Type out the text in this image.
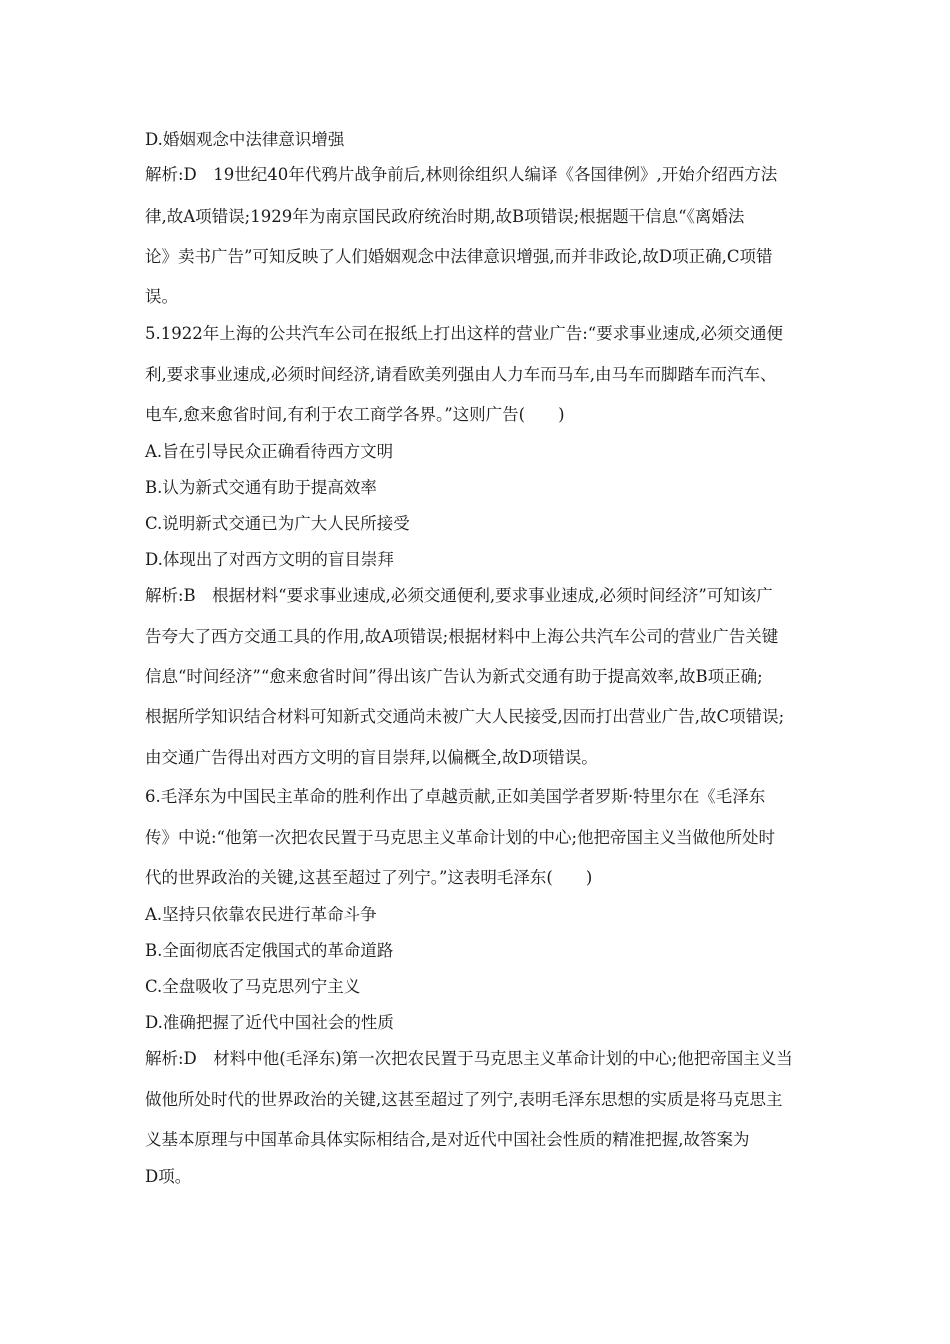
D.婚姻观念中法律意识增强
解析:D　19世纪40年代鸦片战争前后,林则徐组织人编译《各国律例》,开始介绍西方法
律,故A项错误;1929年为南京国民政府统治时期,故B项错误;根据题干信息“《离婚法
论》卖书广告”可知反映了人们婚姻观念中法律意识增强,而并非政论,故D项正确,C项错
误。
5.1922年上海的公共汽车公司在报纸上打出这样的营业广告:“要求事业速成,必须交通便
利,要求事业速成,必须时间经济,请看欧美列强由人力车而马车,由马车而脚踏车而汽车、
电车,愈来愈省时间,有利于农工商学各界。”这则广告(　　)
A.旨在引导民众正确看待西方文明
B.认为新式交通有助于提高效率
C.说明新式交通已为广大人民所接受
D.体现出了对西方文明的盲目崇拜
解析:B　根据材料“要求事业速成,必须交通便利,要求事业速成,必须时间经济”可知该广
告夸大了西方交通工具的作用,故A项错误;根据材料中上海公共汽车公司的营业广告关键
信息“时间经济”“愈来愈省时间”得出该广告认为新式交通有助于提高效率,故B项正确;
根据所学知识结合材料可知新式交通尚未被广大人民接受,因而打出营业广告,故C项错误;
由交通广告得出对西方文明的盲目崇拜,以偏概全,故D项错误。
6.毛泽东为中国民主革命的胜利作出了卓越贡献,正如美国学者罗斯·特里尔在《毛泽东
传》中说:“他第一次把农民置于马克思主义革命计划的中心;他把帝国主义当做他所处时
代的世界政治的关键,这甚至超过了列宁。”这表明毛泽东(　　)
A.坚持只依靠农民进行革命斗争
B.全面彻底否定俄国式的革命道路
C.全盘吸收了马克思列宁主义
D.准确把握了近代中国社会的性质
解析:D　材料中他(毛泽东)第一次把农民置于马克思主义革命计划的中心;他把帝国主义当
做他所处时代的世界政治的关键,这甚至超过了列宁,表明毛泽东思想的实质是将马克思主
义基本原理与中国革命具体实际相结合,是对近代中国社会性质的精准把握,故答案为
D项。
